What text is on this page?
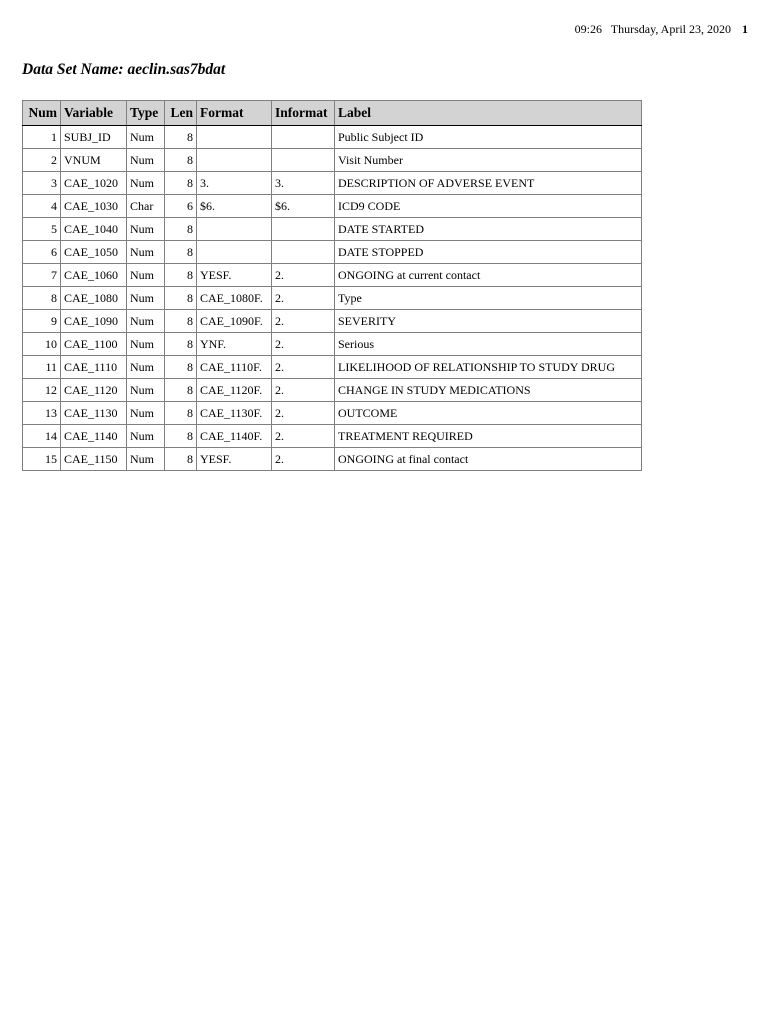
09:26 Thursday, April 23, 2020 1
Data Set Name: aeclin.sas7bdat
Num	Variable	Type	Len	Format	Informat	Label
1	SUBJ_ID	Num	8			Public Subject ID
2	VNUM	Num	8			Visit Number
3	CAE_1020	Num	8	3.	3.	DESCRIPTION OF ADVERSE EVENT
4	CAE_1030	Char	6	$6.	$6.	ICD9 CODE
5	CAE_1040	Num	8			DATE STARTED
6	CAE_1050	Num	8			DATE STOPPED
7	CAE_1060	Num	8	YESF.	2.	ONGOING at current contact
8	CAE_1080	Num	8	CAE_1080F.	2.	Type
9	CAE_1090	Num	8	CAE_1090F.	2.	SEVERITY
10	CAE_1100	Num	8	YNF.	2.	Serious
11	CAE_1110	Num	8	CAE_1110F.	2.	LIKELIHOOD OF RELATIONSHIP TO STUDY DRUG
12	CAE_1120	Num	8	CAE_1120F.	2.	CHANGE IN STUDY MEDICATIONS
13	CAE_1130	Num	8	CAE_1130F.	2.	OUTCOME
14	CAE_1140	Num	8	CAE_1140F.	2.	TREATMENT REQUIRED
15	CAE_1150	Num	8	YESF.	2.	ONGOING at final contact
